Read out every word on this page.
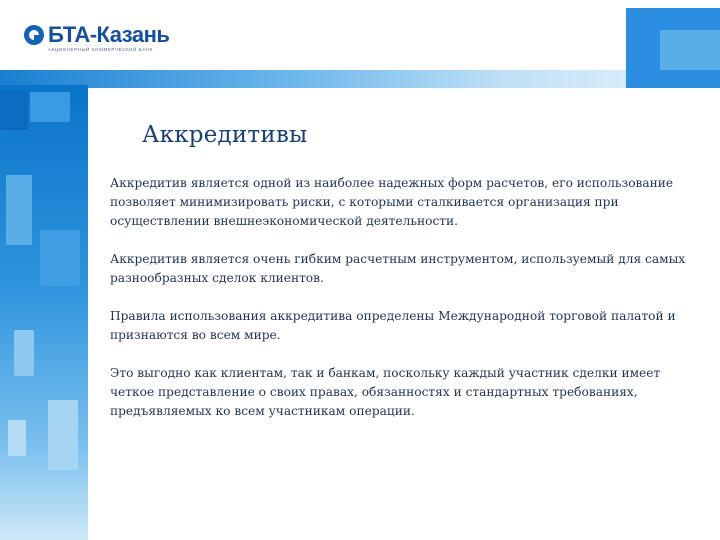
БТА-Казань
АКЦИОНЕРНЫЙ КОММЕРЧЕСКИЙ БАНК
Аккредитивы
Аккредитив является одной из наиболее надежных форм расчетов, его использование позволяет минимизировать риски, с которыми сталкивается организация при осуществлении внешнеэкономической деятельности.
Аккредитив является очень гибким расчетным инструментом, используемый для самых разнообразных сделок клиентов.
Правила использования аккредитива определены Международной торговой палатой и признаются во всем мире.
Это выгодно как клиентам, так и банкам, поскольку каждый участник сделки имеет четкое представление о своих правах, обязанностях и стандартных требованиях, предъявляемых ко всем участникам операции.
